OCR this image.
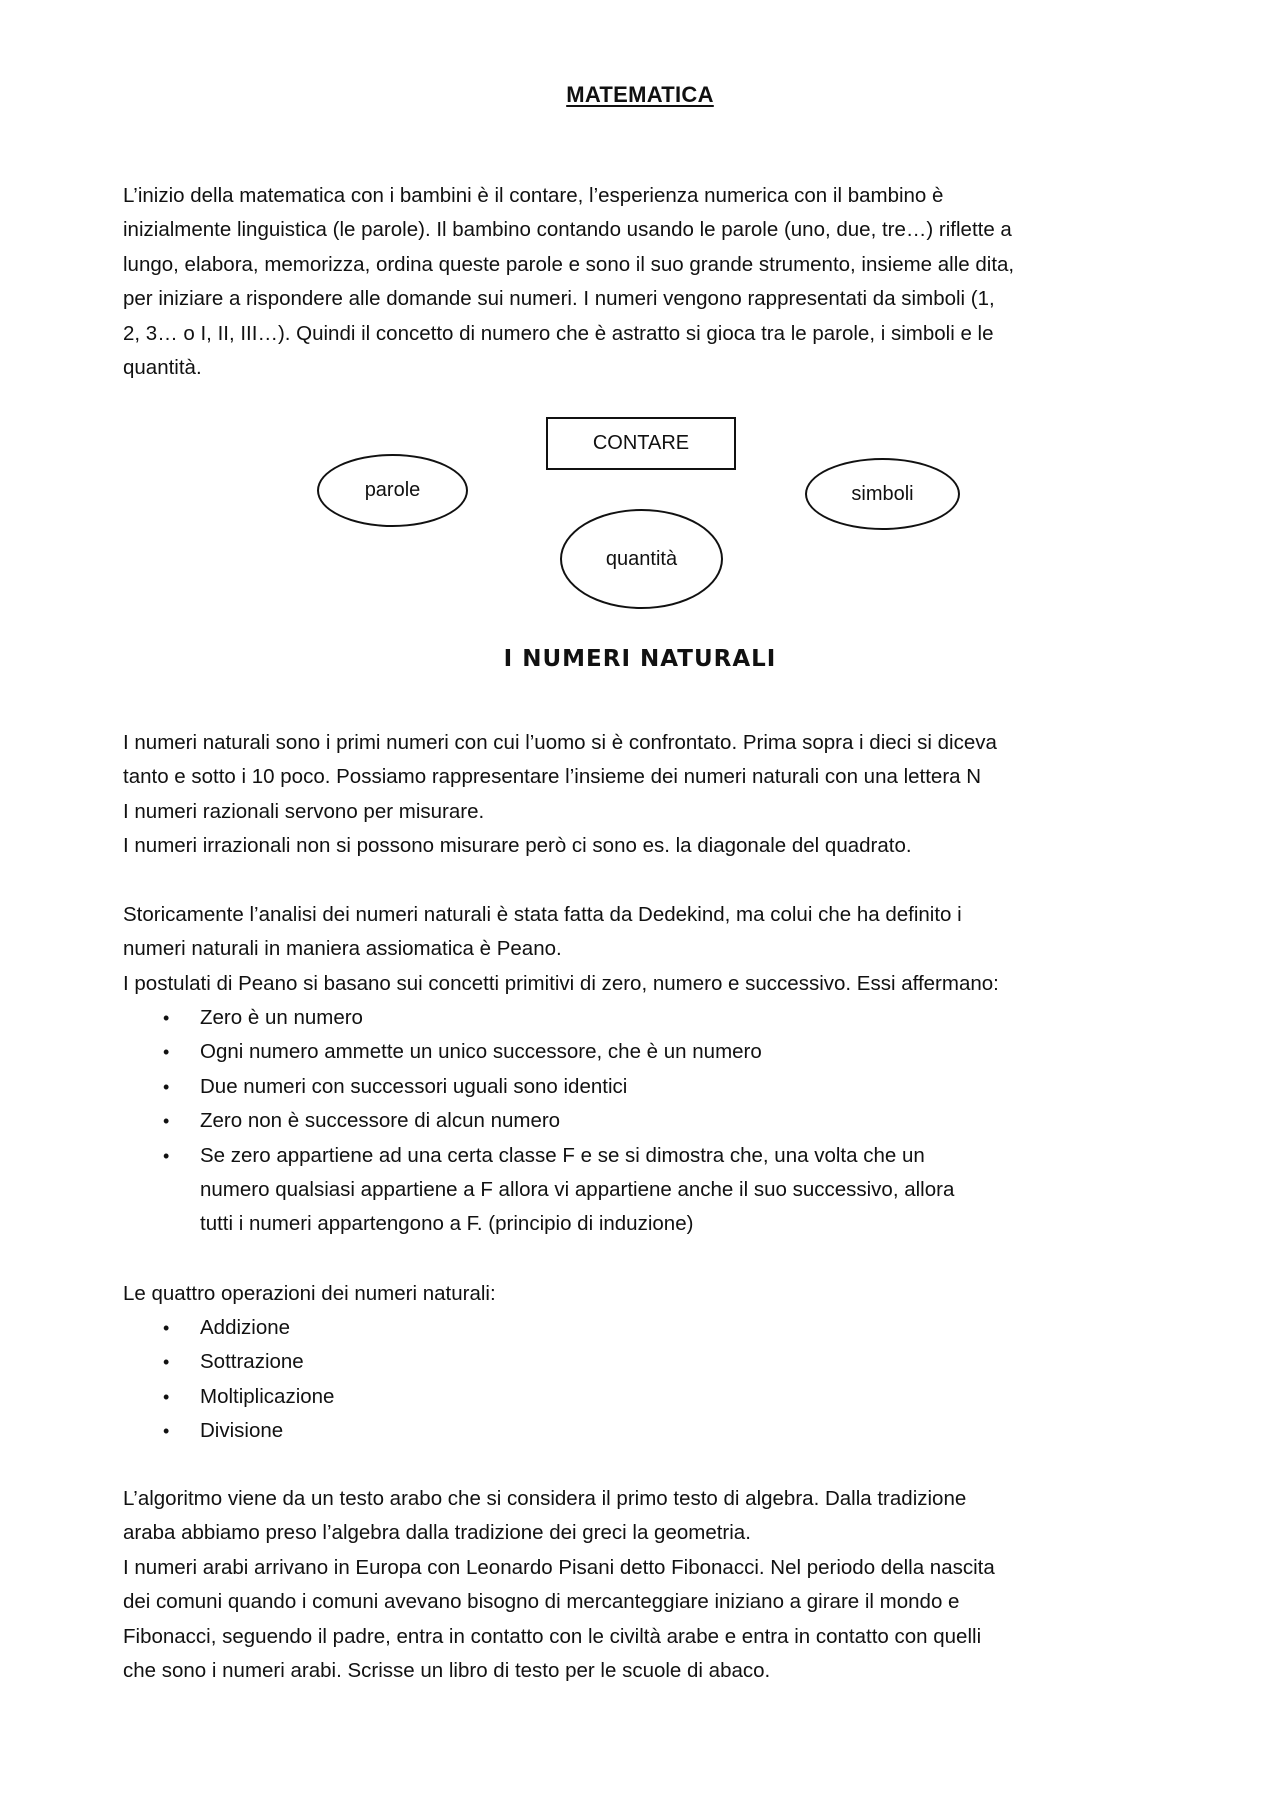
MATEMATICA

L’inizio della matematica con i bambini è il contare, l’esperienza numerica con il bambino è
inizialmente linguistica (le parole). Il bambino contando usando le parole (uno, due, tre…) riflette a
lungo, elabora, memorizza, ordina queste parole e sono il suo grande strumento, insieme alle dita,
per iniziare a rispondere alle domande sui numeri. I numeri vengono rappresentati da simboli (1,
2, 3… o I, II, III…). Quindi il concetto di numero che è astratto si gioca tra le parole, i simboli e le
quantità.

CONTARE
parole	simboli
quantità
I NUMERI NATURALI

I numeri naturali sono i primi numeri con cui l’uomo si è confrontato. Prima sopra i dieci si diceva
tanto e sotto i 10 poco. Possiamo rappresentare l’insieme dei numeri naturali con una lettera N
I numeri razionali servono per misurare.
I numeri irrazionali non si possono misurare però ci sono es. la diagonale del quadrato.

Storicamente l’analisi dei numeri naturali è stata fatta da Dedekind, ma colui che ha definito i
numeri naturali in maniera assiomatica è Peano.
I postulati di Peano si basano sui concetti primitivi di zero, numero e successivo. Essi affermano:

• Zero è un numero
• Ogni numero ammette un unico successore, che è un numero
• Due numeri con successori uguali sono identici
• Zero non è successore di alcun numero
• Se zero appartiene ad una certa classe F e se si dimostra che, una volta che un
numero qualsiasi appartiene a F allora vi appartiene anche il suo successivo, allora
tutti i numeri appartengono a F. (principio di induzione)

Le quattro operazioni dei numeri naturali:

• Addizione
• Sottrazione
• Moltiplicazione
• Divisione

L’algoritmo viene da un testo arabo che si considera il primo testo di algebra. Dalla tradizione
araba abbiamo preso l’algebra dalla tradizione dei greci la geometria.
I numeri arabi arrivano in Europa con Leonardo Pisani detto Fibonacci. Nel periodo della nascita
dei comuni quando i comuni avevano bisogno di mercanteggiare iniziano a girare il mondo e
Fibonacci, seguendo il padre, entra in contatto con le civiltà arabe e entra in contatto con quelli
che sono i numeri arabi. Scrisse un libro di testo per le scuole di abaco.
